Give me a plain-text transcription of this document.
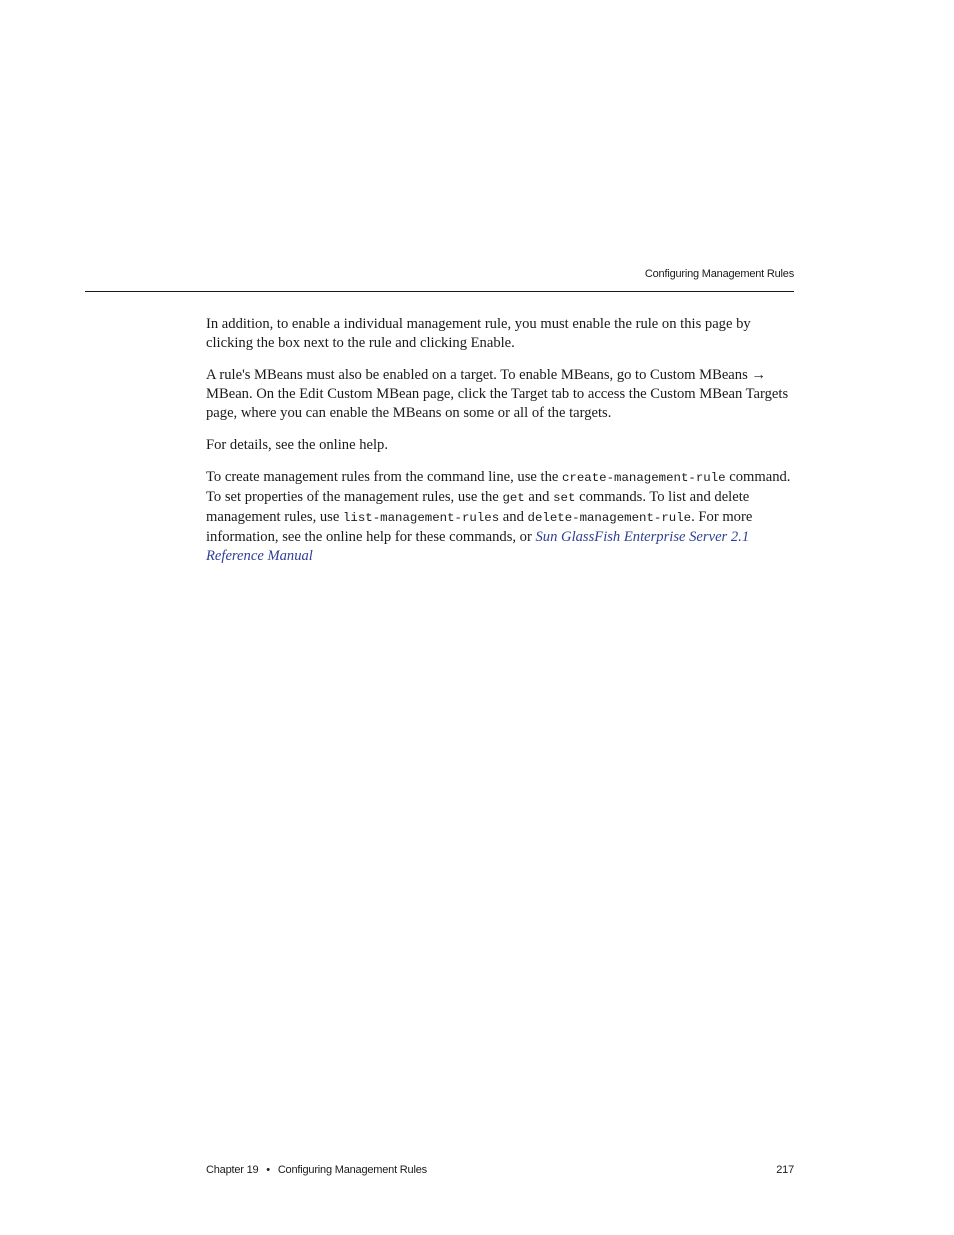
Configuring Management Rules

In addition, to enable a individual management rule, you must enable the rule on this page by clicking the box next to the rule and clicking Enable.

A rule's MBeans must also be enabled on a target. To enable MBeans, go to Custom MBeans → MBean. On the Edit Custom MBean page, click the Target tab to access the Custom MBean Targets page, where you can enable the MBeans on some or all of the targets.

For details, see the online help.

To create management rules from the command line, use the create-management-rule command. To set properties of the management rules, use the get and set commands. To list and delete management rules, use list-management-rules and delete-management-rule. For more information, see the online help for these commands, or Sun GlassFish Enterprise Server 2.1 Reference Manual

Chapter 19 • Configuring Management Rules	217
